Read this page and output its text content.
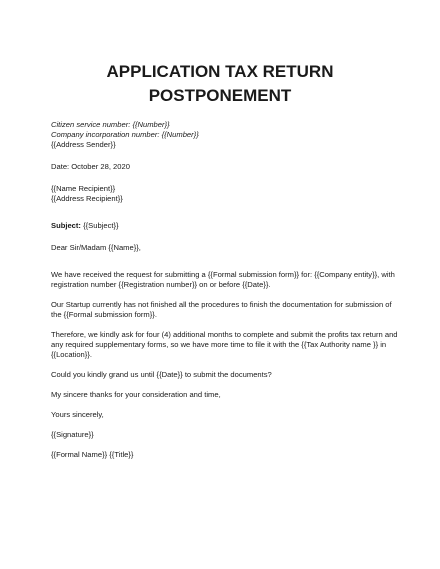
APPLICATION TAX RETURN
POSTPONEMENT
Citizen service number: {{Number}}
Company incorporation number: {{Number}}
{{Address Sender}}
Date: October 28, 2020
{{Name Recipient}}
{{Address Recipient}}
Subject: {{Subject}}
Dear Sir/Madam {{Name}},
We have received the request for submitting a {{Formal submission form}} for: {{Company entity}}, with
registration number {{Registration number}} on or before {{Date}}.
Our Startup currently has not finished all the procedures to finish the documentation for submission of
the {{Formal submission form}}.
Therefore, we kindly ask for four (4) additional months to complete and submit the profits tax return and
any required supplementary forms, so we have more time to file it with the {{Tax Authority name }} in
{{Location}}.
Could you kindly grand us until {{Date}} to submit the documents?
My sincere thanks for your consideration and time,
Yours sincerely,
{{Signature}}
{{Formal Name}} {{Title}}
